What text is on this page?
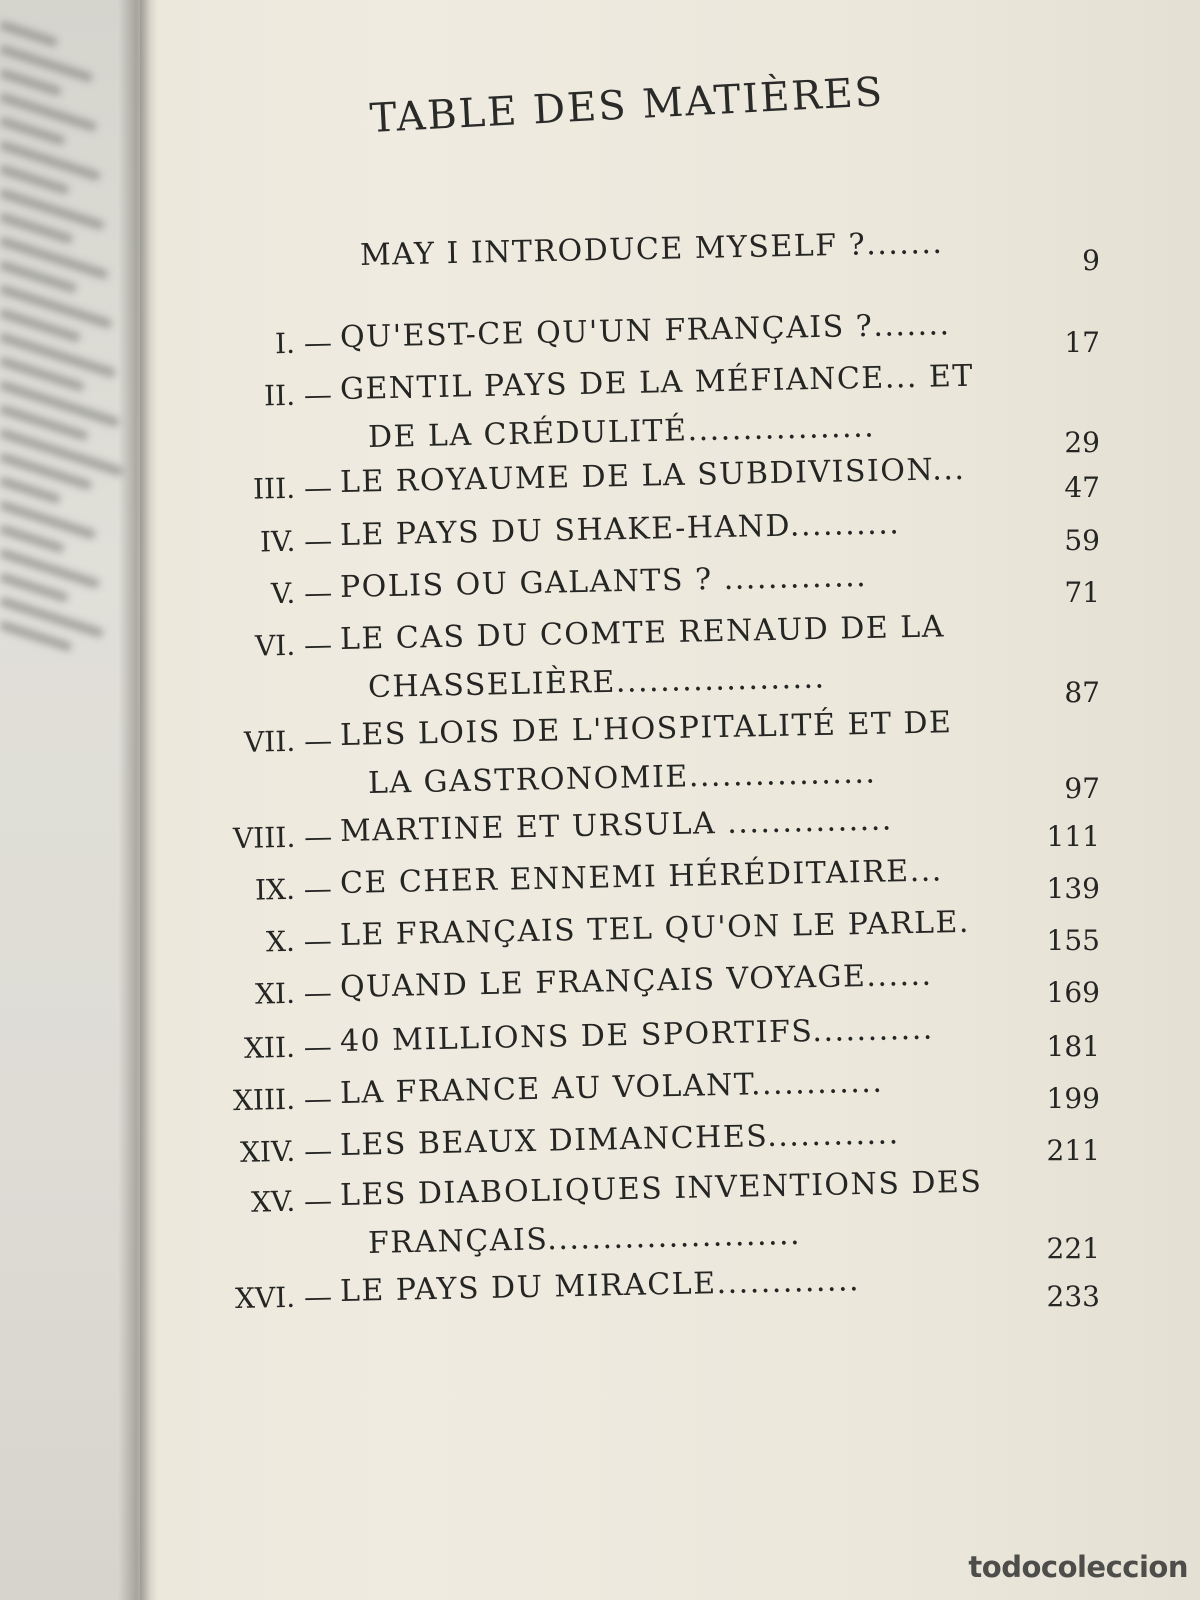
TABLE DES MATIÈRES
MAY I INTRODUCE MYSELF ?.......	9
I. — QU'EST-CE QU'UN FRANÇAIS ?.......	17
II. — GENTIL PAYS DE LA MÉFIANCE... ET
DE LA CRÉDULITÉ.................	29
III. — LE ROYAUME DE LA SUBDIVISION...	47
IV. — LE PAYS DU SHAKE-HAND..........	59
V. — POLIS OU GALANTS ? .............	71
VI. — LE CAS DU COMTE RENAUD DE LA
CHASSELIÈRE...................	87
VII. — LES LOIS DE L'HOSPITALITÉ ET DE
LA GASTRONOMIE.................	97
VIII. — MARTINE ET URSULA ...............	111
IX. — CE CHER ENNEMI HÉRÉDITAIRE...	139
X. — LE FRANÇAIS TEL QU'ON LE PARLE.	155
XI. — QUAND LE FRANÇAIS VOYAGE......	169
XII. — 40 MILLIONS DE SPORTIFS...........	181
XIII. — LA FRANCE AU VOLANT............	199
XIV. — LES BEAUX DIMANCHES............	211
XV. — LES DIABOLIQUES INVENTIONS DES
FRANÇAIS.......................	221
XVI. — LE PAYS DU MIRACLE.............	233
todocoleccion
